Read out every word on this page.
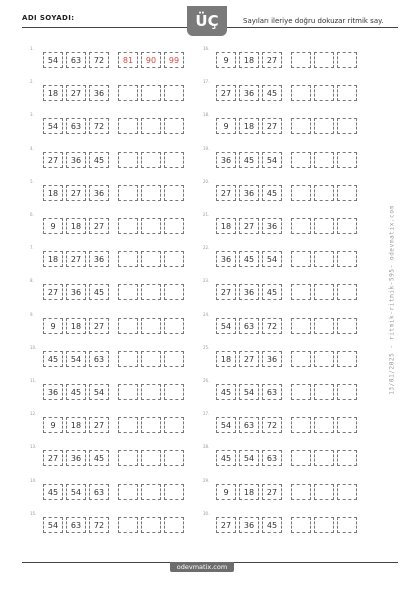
ADI SOYADI:	ÜÇ	Sayıları ileriye doğru dokuzar ritmik say.
1.
54	63	72	81	90	99
2.
18	27	36
3.
54	63	72
4.
27	36	45
5.
18	27	36
6.
9	18	27
7.
18	27	36
8.
27	36	45
9.
9	18	27
10.
45	54	63
11.
36	45	54
12.
9	18	27
13.
27	36	45
14.
45	54	63
15.
54	63	72
16.
9	18	27
17.
27	36	45
18.
9	18	27
19.
36	45	54
20.
27	36	45
21.
18	27	36
22.
36	45	54
23.
27	36	45
24.
54	63	72
25.
18	27	36
26.
45	54	63
27.
54	63	72
28.
45	54	63
29.
9	18	27
30.
27	36	45
13/01/2025 - ritmik-ritmik-595- odevmatix.com
odevmatix.com
